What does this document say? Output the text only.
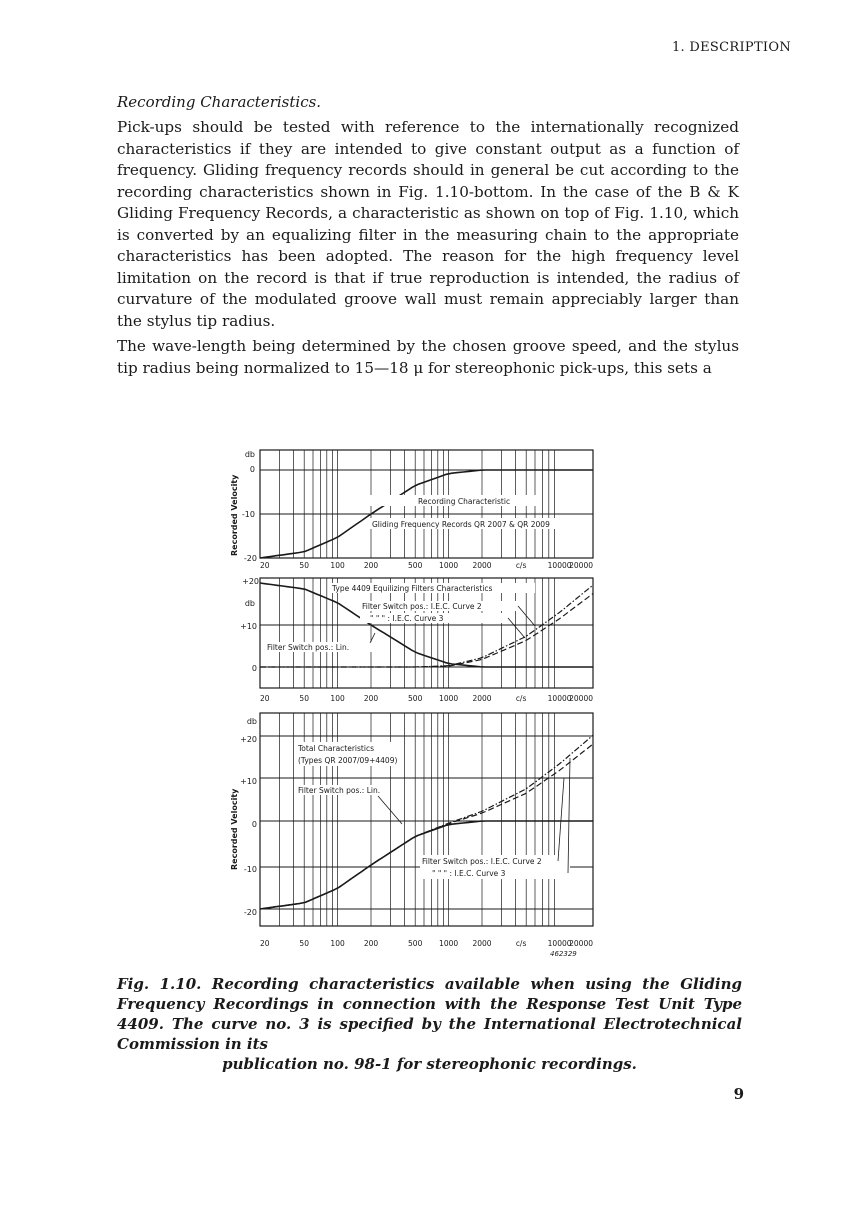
1. DESCRIPTION
Recording Characteristics.

Pick-ups should be tested with reference to the internationally recognized characteristics if they are intended to give constant output as a function of frequency. Gliding frequency records should in general be cut according to the recording characteristics shown in Fig. 1.10-bottom. In the case of the B & K Gliding Frequency Records, a characteristic as shown on top of Fig. 1.10, which is converted by an equalizing filter in the measuring chain to the appropriate characteristics has been adopted. The reason for the high frequency level limitation on the record is that if true reproduction is intended, the radius of curvature of the modulated groove wall must remain appreciably larger than the stylus tip radius.

The wave-length being determined by the chosen groove speed, and the stylus tip radius being normalized to 15—18 μ for stereophonic pick-ups, this sets a

Recorded Velocity
db
0
-10
-20
20	50	100	200	500 1000 2000	c/s	10000
20000
Recording Characteristic
Gliding Frequency Records QR 2007 & QR 2009
db
+20
+10
0
20	50	100	200	500 1000 2000	c/s	10000
20000
Type 4409 Equilizing Filters Characteristics
Filter Switch pos.: I.E.C. Curve 2
" " " : I.E.C. Curve 3
Filter Switch pos.: Lin.
Recorded Velocity
db
+20
+10
0
-10
-20
20	50	100	200	500 1000 2000	c/s	10000
20000
Total Characteristics
(Types QR 2007/09+4409)
Filter Switch pos.: Lin.
Filter Switch pos.: I.E.C. Curve 2
" " " : I.E.C. Curve 3
462329
Fig. 1.10. Recording characteristics available when using the Gliding Frequency Recordings in connection with the Response Test Unit Type 4409. The curve no. 3 is specified by the International Electrotechnical Commission in its
publication no. 98-1 for stereophonic recordings.
9
